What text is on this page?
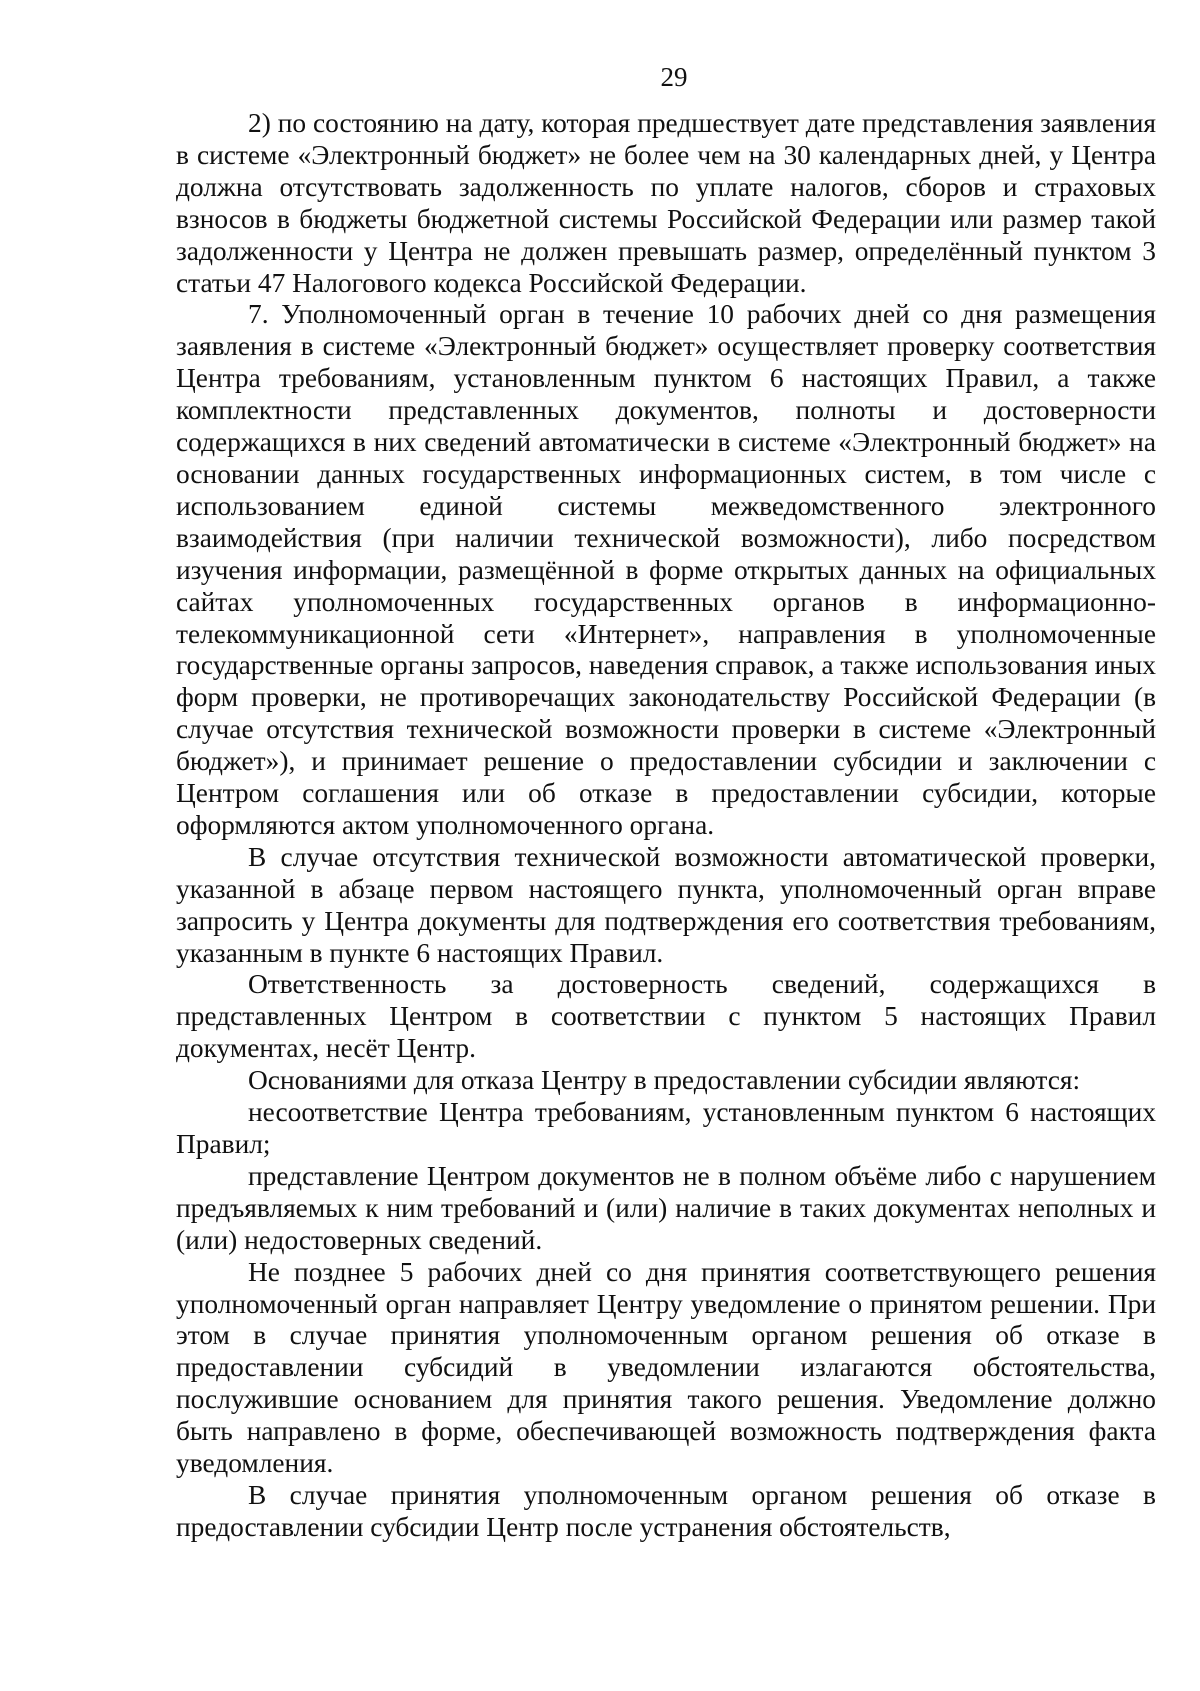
29

2) по состоянию на дату, которая предшествует дате представления заявления в системе «Электронный бюджет» не более чем на 30 календарных дней, у Центра должна отсутствовать задолженность по уплате налогов, сборов и страховых взносов в бюджеты бюджетной системы Российской Федерации или размер такой задолженности у Центра не должен превышать размер, определённый пунктом 3 статьи 47 Налогового кодекса Российской Федерации.

7. Уполномоченный орган в течение 10 рабочих дней со дня размещения заявления в системе «Электронный бюджет» осуществляет проверку соответствия Центра требованиям, установленным пунктом 6 настоящих Правил, а также комплектности представленных документов, полноты и достоверности содержащихся в них сведений автоматически в системе «Электронный бюджет» на основании данных государственных информационных систем, в том числе с использованием единой системы межведомственного электронного взаимодействия (при наличии технической возможности), либо посредством изучения информации, размещённой в форме открытых данных на официальных сайтах уполномоченных государственных органов в информационно-телекоммуникационной сети «Интернет», направления в уполномоченные государственные органы запросов, наведения справок, а также использования иных форм проверки, не противоречащих законодательству Российской Федерации (в случае отсутствия технической возможности проверки в системе «Электронный бюджет»), и принимает решение о предоставлении субсидии и заключении с Центром соглашения или об отказе в предоставлении субсидии, которые оформляются актом уполномоченного органа.

В случае отсутствия технической возможности автоматической проверки, указанной в абзаце первом настоящего пункта, уполномоченный орган вправе запросить у Центра документы для подтверждения его соответствия требованиям, указанным в пункте 6 настоящих Правил.

Ответственность за достоверность сведений, содержащихся в представленных Центром в соответствии с пунктом 5 настоящих Правил документах, несёт Центр.

Основаниями для отказа Центру в предоставлении субсидии являются:

несоответствие Центра требованиям, установленным пунктом 6 настоящих Правил;

представление Центром документов не в полном объёме либо с нарушением предъявляемых к ним требований и (или) наличие в таких документах неполных и (или) недостоверных сведений.

Не позднее 5 рабочих дней со дня принятия соответствующего решения уполномоченный орган направляет Центру уведомление о принятом решении. При этом в случае принятия уполномоченным органом решения об отказе в предоставлении субсидий в уведомлении излагаются обстоятельства, послужившие основанием для принятия такого решения. Уведомление должно быть направлено в форме, обеспечивающей возможность подтверждения факта уведомления.

В случае принятия уполномоченным органом решения об отказе в предоставлении субсидии Центр после устранения обстоятельств,
